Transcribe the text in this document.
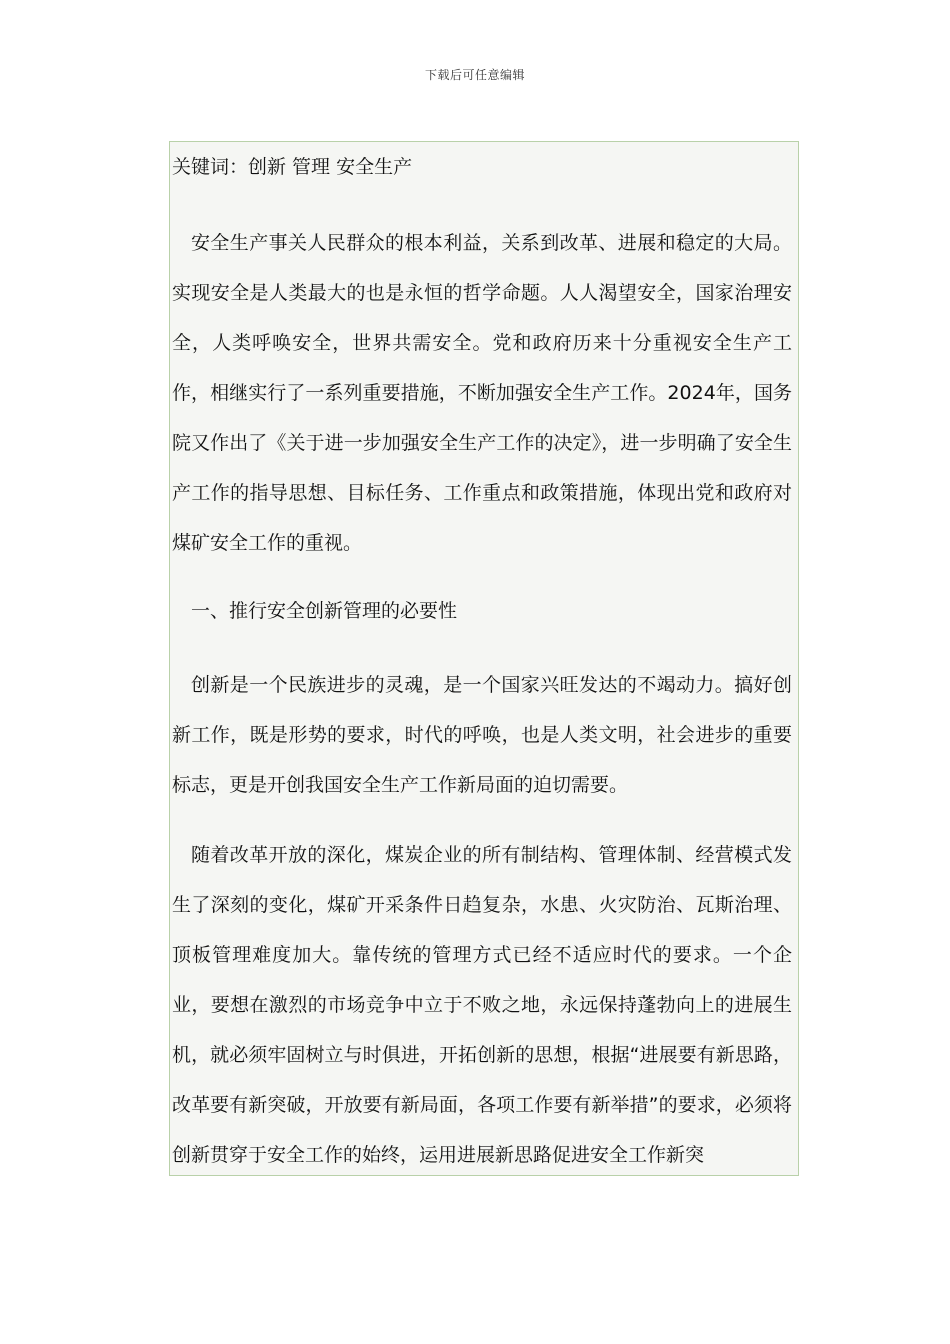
下载后可任意编辑
关键词：创新 管理 安全生产

安全生产事关人民群众的根本利益，关系到改革、进展和稳定的大局。实现安全是人类最大的也是永恒的哲学命题。人人渴望安全，国家治理安全，人类呼唤安全，世界共需安全。党和政府历来十分重视安全生产工作，相继实行了一系列重要措施，不断加强安全生产工作。2024年，国务院又作出了《关于进一步加强安全生产工作的决定》，进一步明确了安全生产工作的指导思想、目标任务、工作重点和政策措施，体现出党和政府对煤矿安全工作的重视。

一、推行安全创新管理的必要性

创新是一个民族进步的灵魂，是一个国家兴旺发达的不竭动力。搞好创新工作，既是形势的要求，时代的呼唤，也是人类文明，社会进步的重要标志，更是开创我国安全生产工作新局面的迫切需要。

随着改革开放的深化，煤炭企业的所有制结构、管理体制、经营模式发生了深刻的变化，煤矿开采条件日趋复杂，水患、火灾防治、瓦斯治理、顶板管理难度加大。靠传统的管理方式已经不适应时代的要求。一个企业，要想在激烈的市场竞争中立于不败之地，永远保持蓬勃向上的进展生机，就必须牢固树立与时俱进，开拓创新的思想，根据“进展要有新思路，改革要有新突破，开放要有新局面，各项工作要有新举措”的要求，必须将创新贯穿于安全工作的始终，运用进展新思路促进安全工作新突
